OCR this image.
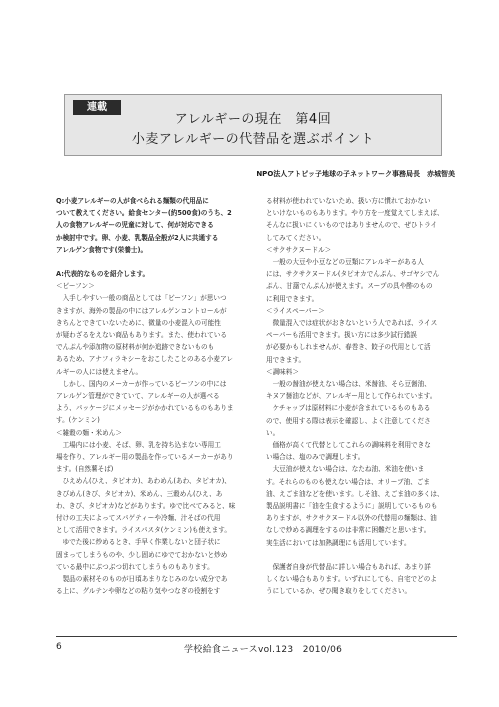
連載
アレルギーの現在　第4回
小麦アレルギーの代替品を選ぶポイント
NPO法人アトピッ子地球の子ネットワーク事務局長　赤城智美

Q:小麦アレルギーの人が食べられる麺類の代用品に

ついて教えてください。給食センター(約500食)のうち、2

人の食物アレルギーの児童に対して、何が対応できる

か検討中です。卵、小麦、乳製品全般が2人に共通する

アレルゲン食物です(栄養士)。

A:代表的なものを紹介します。

＜ビーフン＞

　入手しやすい一般の商品としては「ビーフン」が思いつ

きますが、海外の製品の中にはアレルゲンコントロールが

きちんとできていないために、微量の小麦混入の可能性

が疑わざるをえない商品もあります。また、使われている

でんぷんや添加物の原材料が何か追跡できないものも

あるため、アナフィラキシーをおこしたことのある小麦アレ

ルギーの人には使えません。

　しかし、国内のメーカーが作っているビーフンの中には

アレルゲン管理ができていて、アレルギーの人が選べる

よう、パッケージにメッセージがかかれているものもありま

す。(ケンミン)

＜雑穀の麺・米めん＞

　工場内には小麦、そば、卵、乳を持ち込まない専用工

場を作り、アレルギー用の製品を作っているメーカーがあり

ます。(自然薯そば)

　ひえめん(ひえ、タピオカ)、あわめん(あわ、タピオカ)、

きびめん(きび、タピオカ)、米めん、三穀めん(ひえ、あ

わ、きび、タピオカ)などがあります。ゆで比べてみると、味

付けの工夫によってスパゲティーや冷麺、汁そばの代用

として活用できます。ライスパスタ(ケンミン)も使えます。

　ゆでた後に炒めるとき、手早く作業しないと団子状に

固まってしまうものや、少し固めにゆでておかないと炒め

ている最中にぶつぶつ切れてしまうものもあります。

　製品の素材そのものが日頃あまりなじみのない成分であ

る上に、グルテンや卵などの粘り気やつなぎの役割をす

る材料が使われていないため、扱い方に慣れておかない

といけないものもあります。やり方を一度覚えてしまえば、

そんなに扱いにくいものではありませんので、ぜひトライ

してみてください。

＜サクサクヌードル＞

　一般の大豆や小豆などの豆類にアレルギーがある人

には、サクサクヌードル(タピオカでんぷん、サゴヤシでん

ぷん、甘藷でんぷん)が使えます。スープの具や酢のもの

に利用できます。

＜ライスペーパー＞

　微量混入では症状がおきないという人であれば、ライス

ペーパーも活用できます。扱い方には多少試行錯誤

が必要かもしれませんが、春巻き、餃子の代用として活

用できます。

＜調味料＞

　一般の醤油が使えない場合は、米醤油、そら豆醤油、

キヌア醤油などが、アレルギー用として作られています。

　ケチャップは原材料に小麦が含まれているものもある

ので、使用する際は表示を確認し、よく注意してくださ

い。

　価格が高くて代替としてこれらの調味料を利用できな

い場合は、塩のみで調理します。

　大豆油が使えない場合は、なたね油、米油を使いま

す。それらのものも使えない場合は、オリーブ油、ごま

油、えごま油などを使います。しそ油、えごま油の多くは、

製品説明書に「油を生食するように」説明しているものも

ありますが、サクサクヌードル以外の代替用の麺類は、油

なしで炒める調理をするのは非常に困難だと思います。

実生活においては加熱調理にも活用しています。

　保護者自身が代替品に詳しい場合もあれば、あまり詳

しくない場合もあります。いずれにしても、自宅でどのよ

うにしているか、ぜひ聞き取りをしてください。

6	学校給食ニュースvol.123　2010/06
